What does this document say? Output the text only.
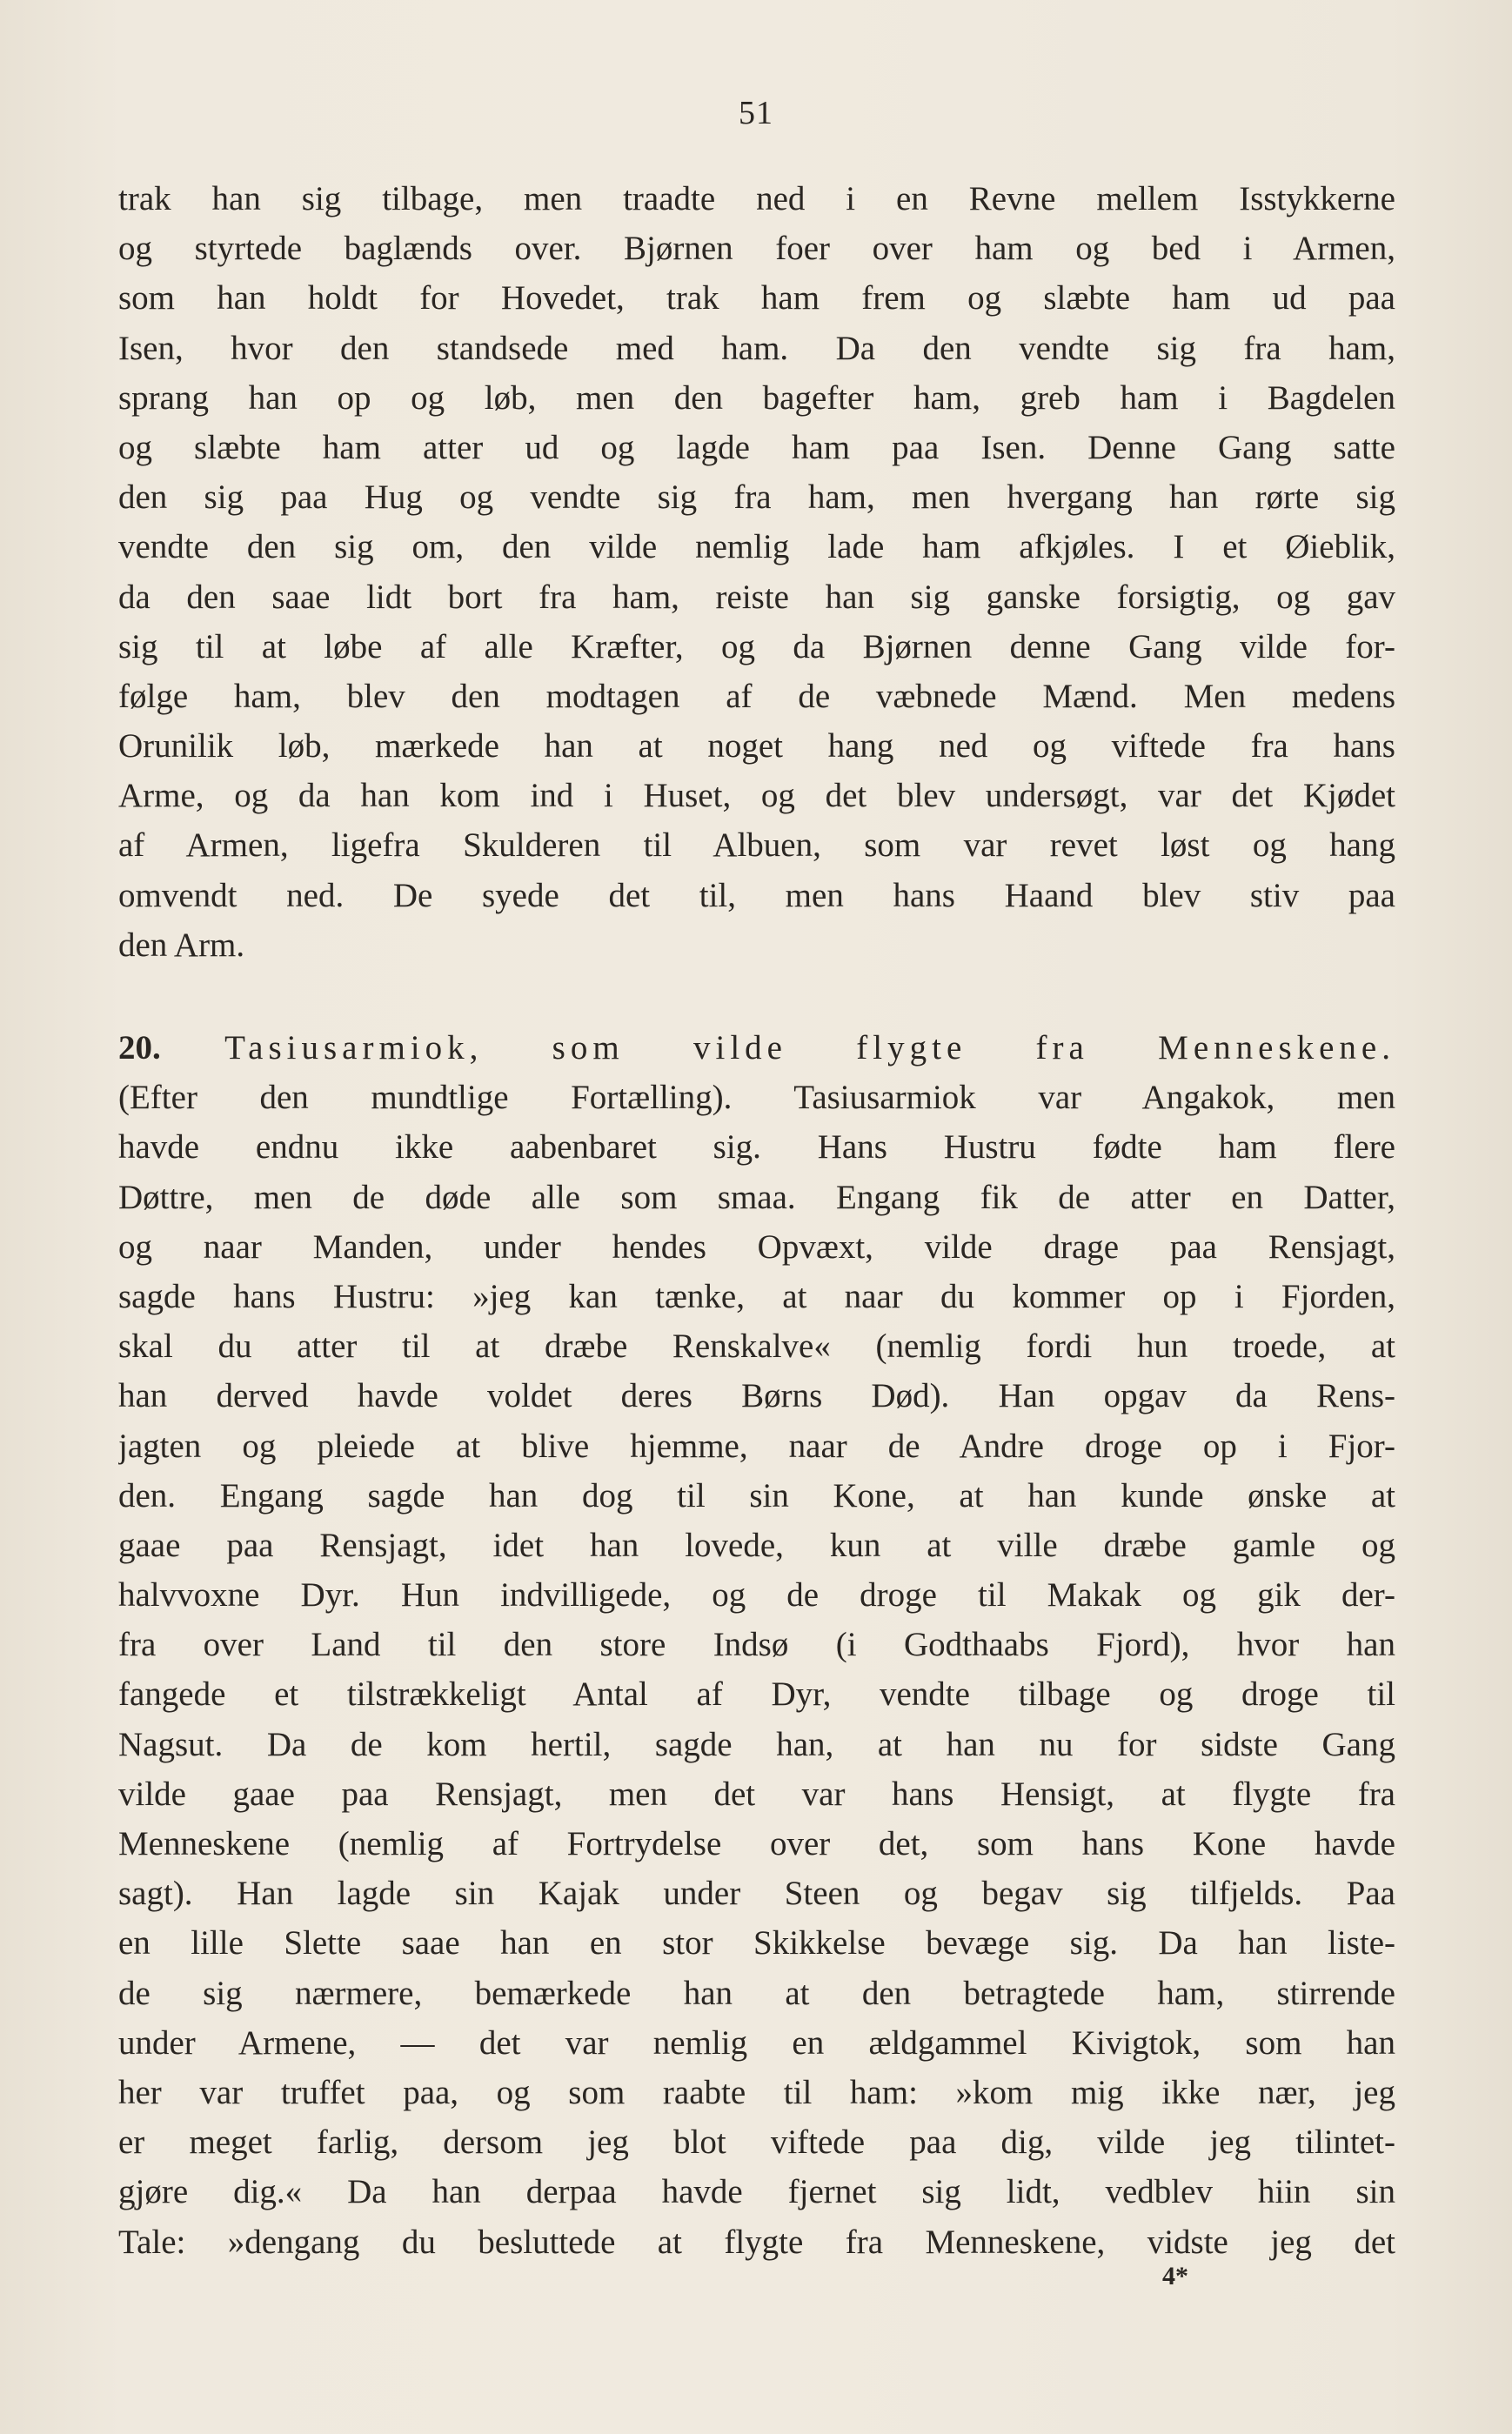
51
trak han sig tilbage, men traadte ned i en Revne mellem Isstykkerne
og styrtede baglænds over. Bjørnen foer over ham og bed i Armen,
som han holdt for Hovedet, trak ham frem og slæbte ham ud paa
Isen, hvor den standsede med ham. Da den vendte sig fra ham,
sprang han op og løb, men den bagefter ham, greb ham i Bagdelen
og slæbte ham atter ud og lagde ham paa Isen. Denne Gang satte
den sig paa Hug og vendte sig fra ham, men hvergang han rørte sig
vendte den sig om, den vilde nemlig lade ham afkjøles. I et Øieblik,
da den saae lidt bort fra ham, reiste han sig ganske forsigtig, og gav
sig til at løbe af alle Kræfter, og da Bjørnen denne Gang vilde for-
følge ham, blev den modtagen af de væbnede Mænd. Men medens
Orunilik løb, mærkede han at noget hang ned og viftede fra hans
Arme, og da han kom ind i Huset, og det blev undersøgt, var det Kjødet
af Armen, ligefra Skulderen til Albuen, som var revet løst og hang
omvendt ned. De syede det til, men hans Haand blev stiv paa
den Arm.
20. Tasiusarmiok, som vilde flygte fra Menneskene.
(Efter den mundtlige Fortælling). Tasiusarmiok var Angakok, men
havde endnu ikke aabenbaret sig. Hans Hustru fødte ham flere
Døttre, men de døde alle som smaa. Engang fik de atter en Datter,
og naar Manden, under hendes Opvæxt, vilde drage paa Rensjagt,
sagde hans Hustru: »jeg kan tænke, at naar du kommer op i Fjorden,
skal du atter til at dræbe Renskalve« (nemlig fordi hun troede, at
han derved havde voldet deres Børns Død). Han opgav da Rens-
jagten og pleiede at blive hjemme, naar de Andre droge op i Fjor-
den. Engang sagde han dog til sin Kone, at han kunde ønske at
gaae paa Rensjagt, idet han lovede, kun at ville dræbe gamle og
halvvoxne Dyr. Hun indvilligede, og de droge til Makak og gik der-
fra over Land til den store Indsø (i Godthaabs Fjord), hvor han
fangede et tilstrækkeligt Antal af Dyr, vendte tilbage og droge til
Nagsut. Da de kom hertil, sagde han, at han nu for sidste Gang
vilde gaae paa Rensjagt, men det var hans Hensigt, at flygte fra
Menneskene (nemlig af Fortrydelse over det, som hans Kone havde
sagt). Han lagde sin Kajak under Steen og begav sig tilfjelds. Paa
en lille Slette saae han en stor Skikkelse bevæge sig. Da han liste-
de sig nærmere, bemærkede han at den betragtede ham, stirrende
under Armene, — det var nemlig en ældgammel Kivigtok, som han
her var truffet paa, og som raabte til ham: »kom mig ikke nær, jeg
er meget farlig, dersom jeg blot viftede paa dig, vilde jeg tilintet-
gjøre dig.« Da han derpaa havde fjernet sig lidt, vedblev hiin sin
Tale: »dengang du besluttede at flygte fra Menneskene, vidste jeg det
4*
